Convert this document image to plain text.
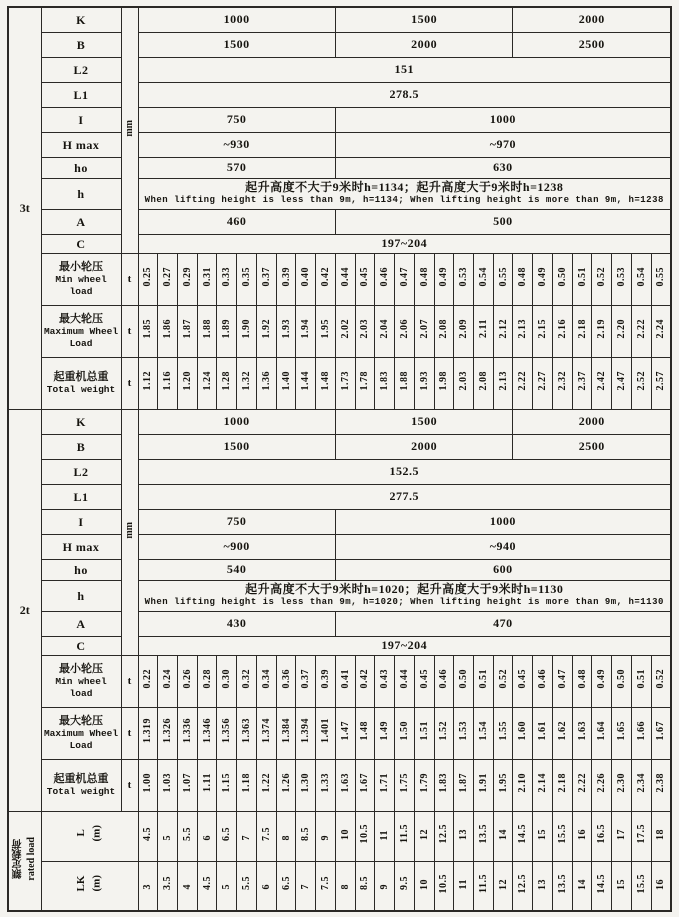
3t	K	mm	1000										1500									2000							
	B		1500										2000									2500							
	L2		151																										
	L1		278.5																										
	I		750										1000																
	H max		~930										~970																
	ho		570										630																
	h		起升高度不大于9米时h=1134；起升高度大于9米时h=1238
When lifting height is less than 9m, h=1134; When lifting height is more than 9m, h=1238																										

	A		460										500																
	C		197~204																										

	最小轮压
Min wheel load	t	0.25	0.27	0.29	0.31	0.33	0.35	0.37	0.39	0.40	0.42	0.44	0.45	0.46	0.47	0.48	0.49	0.53	0.54	0.55	0.48	0.49	0.50	0.51	0.52	0.53	0.54	0.55

	最大轮压
Maximum Wheel Load	t	1.85	1.86	1.87	1.88	1.89	1.90	1.92	1.93	1.94	1.95	2.02	2.03	2.04	2.06	2.07	2.08	2.09	2.11	2.12	2.13	2.15	2.16	2.18	2.19	2.20	2.22	2.24

	起重机总重
Total weight	t	1.12	1.16	1.20	1.24	1.28	1.32	1.36	1.40	1.44	1.48	1.73	1.78	1.83	1.88	1.93	1.98	2.03	2.08	2.13	2.22	2.27	2.32	2.37	2.42	2.47	2.52	2.57
2t	K	mm	1000										1500									2000							
	B		1500										2000									2500							
	L2		152.5																										
	L1		277.5																										
	I		750										1000																
	H max		~900										~940																
	ho		540										600																
	h		起升高度不大于9米时h=1020；起升高度大于9米时h=1130
When lifting height is less than 9m, h=1020; When lifting height is more than 9m, h=1130																										

	A		430										470																
	C		197~204																										

	最小轮压
Min wheel load	t	0.22	0.24	0.26	0.28	0.30	0.32	0.34	0.36	0.37	0.39	0.41	0.42	0.43	0.44	0.45	0.46	0.50	0.51	0.52	0.45	0.46	0.47	0.48	0.49	0.50	0.51	0.52

	最大轮压
Maximum Wheel Load	t	1.319	1.326	1.336	1.346	1.356	1.363	1.374	1.384	1.394	1.401	1.47	1.48	1.49	1.50	1.51	1.52	1.53	1.54	1.55	1.60	1.61	1.62	1.63	1.64	1.65	1.66	1.67

	起重机总重
Total weight	t	1.00	1.03	1.07	1.11	1.15	1.18	1.22	1.26	1.30	1.33	1.63	1.67	1.71	1.75	1.79	1.83	1.87	1.91	1.95	2.10	2.14	2.18	2.22	2.26	2.30	2.34	2.38

额定载荷 rated load	L (m)		4.5	5	5.5	6	6.5	7	7.5	8	8.5	9	10	10.5	11	11.5	12	12.5	13	13.5	14	14.5	15	15.5	16	16.5	17	17.5	18

	LK (m)		3	3.5	4	4.5	5	5.5	6	6.5	7	7.5	8	8.5	9	9.5	10	10.5	11	11.5	12	12.5	13	13.5	14	14.5	15	15.5	16
